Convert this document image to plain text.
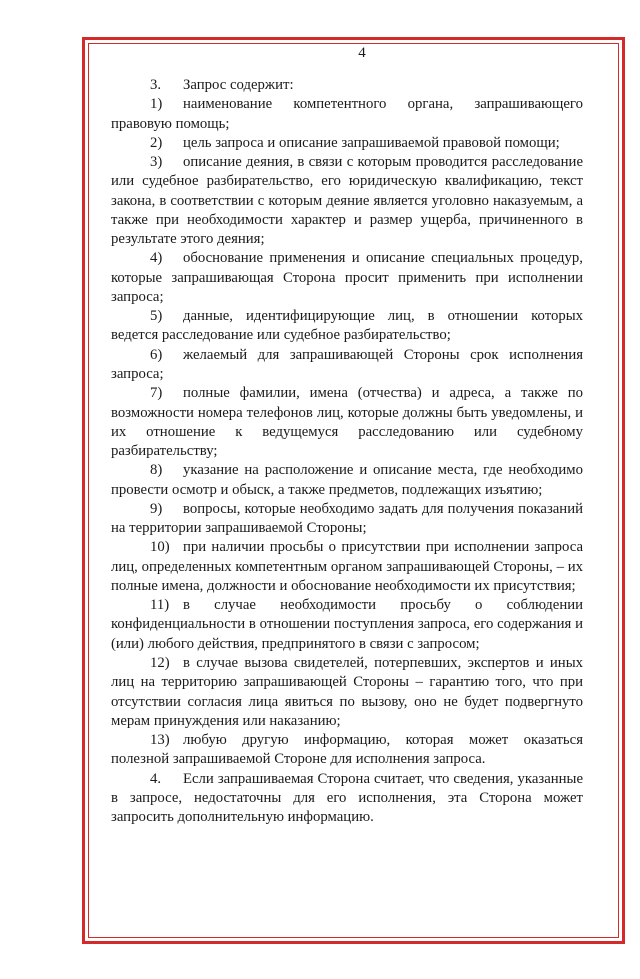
4

3. Запрос содержит:

1) наименование компетентного органа, запрашивающего правовую помощь;

2) цель запроса и описание запрашиваемой правовой помощи;

3) описание деяния, в связи с которым проводится расследование или судебное разбирательство, его юридическую квалификацию, текст закона, в соответствии с которым деяние является уголовно наказуемым, а также при необходимости характер и размер ущерба, причиненного в результате этого деяния;

4) обоснование применения и описание специальных процедур, которые запрашивающая Сторона просит применить при исполнении запроса;

5) данные, идентифицирующие лиц, в отношении которых ведется расследование или судебное разбирательство;

6) желаемый для запрашивающей Стороны срок исполнения запроса;

7) полные фамилии, имена (отчества) и адреса, а также по возможности номера телефонов лиц, которые должны быть уведомлены, и их отношение к ведущемуся расследованию или судебному разбирательству;

8) указание на расположение и описание места, где необходимо провести осмотр и обыск, а также предметов, подлежащих изъятию;

9) вопросы, которые необходимо задать для получения показаний на территории запрашиваемой Стороны;

10) при наличии просьбы о присутствии при исполнении запроса лиц, определенных компетентным органом запрашивающей Стороны, – их полные имена, должности и обоснование необходимости их присутствия;

11) в случае необходимости просьбу о соблюдении конфиденциальности в отношении поступления запроса, его содержания и (или) любого действия, предпринятого в связи с запросом;

12) в случае вызова свидетелей, потерпевших, экспертов и иных лиц на территорию запрашивающей Стороны – гарантию того, что при отсутствии согласия лица явиться по вызову, оно не будет подвергнуто мерам принуждения или наказанию;

13) любую другую информацию, которая может оказаться полезной запрашиваемой Стороне для исполнения запроса.

4. Если запрашиваемая Сторона считает, что сведения, указанные в запросе, недостаточны для его исполнения, эта Сторона может запросить дополнительную информацию.
